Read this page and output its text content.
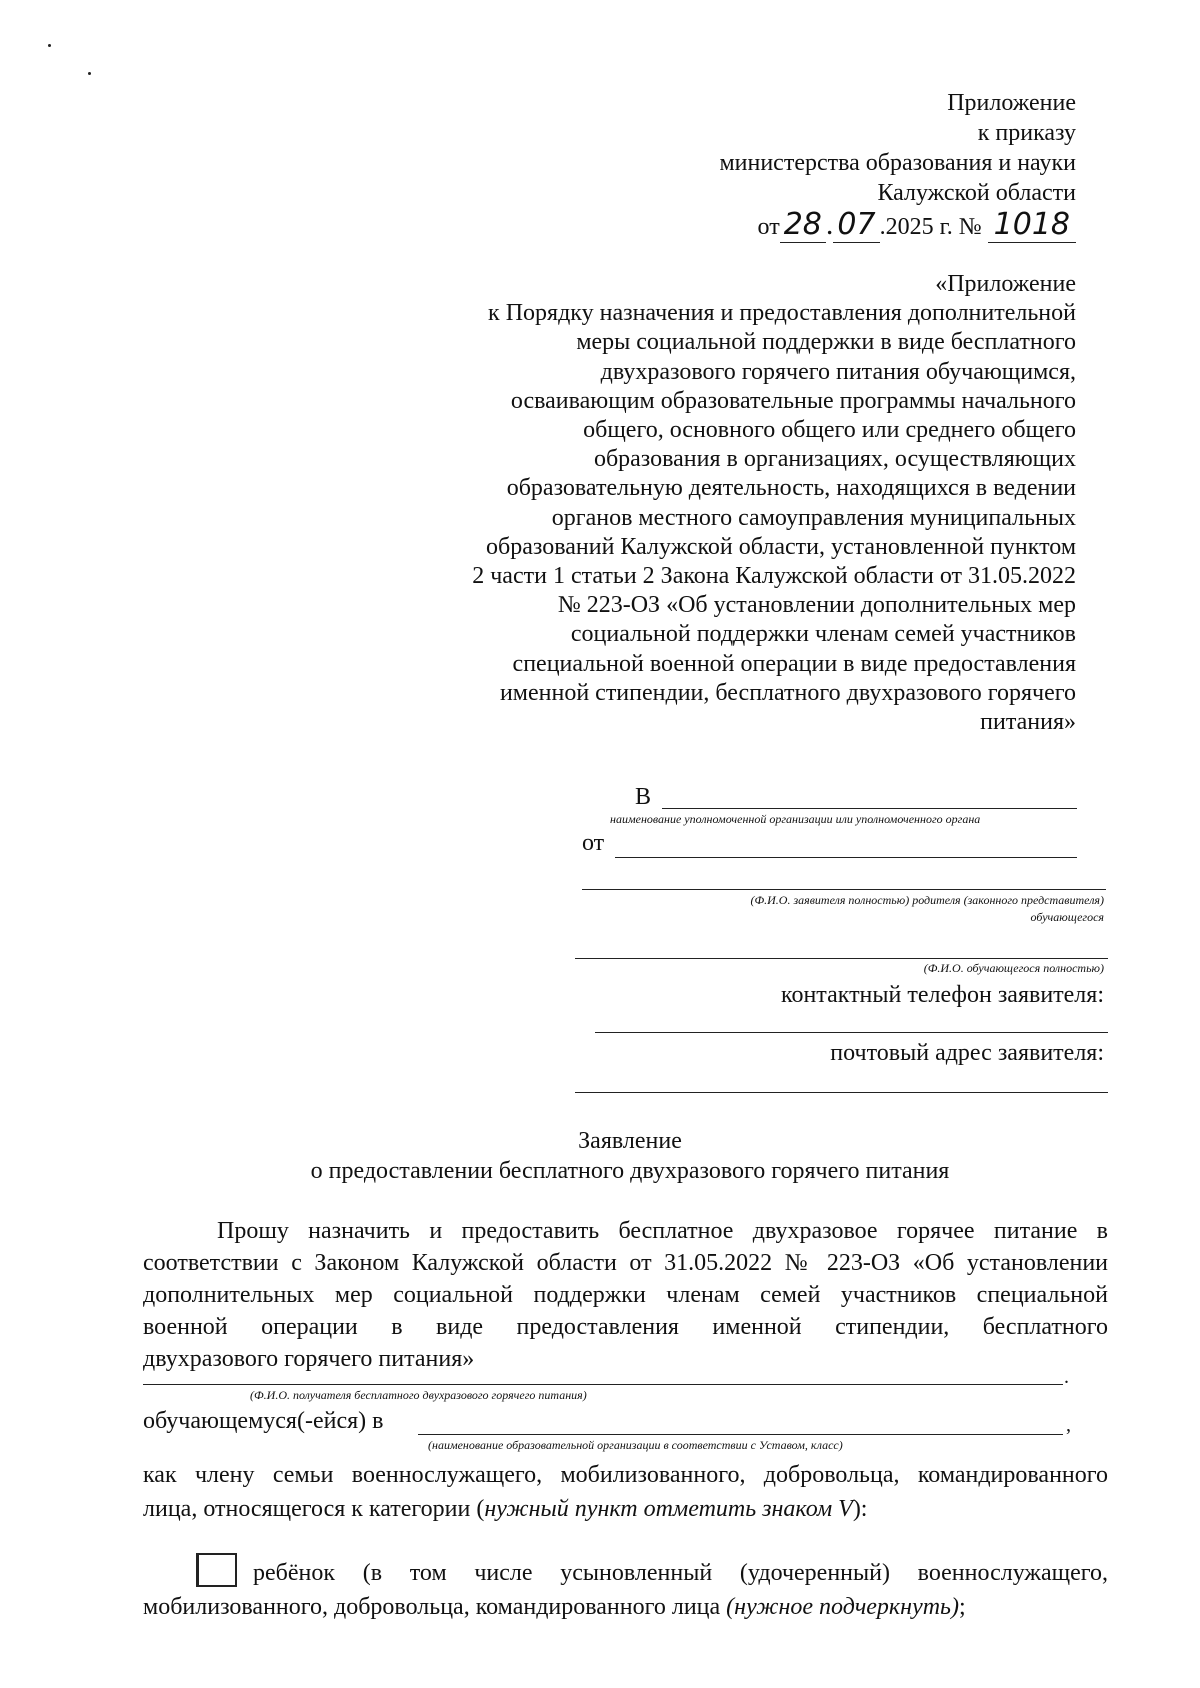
Приложение
к приказу
министерства образования и науки
Калужской области
от 28 . 07 .2025 г. № 1018
«Приложение
к Порядку назначения и предоставления дополнительной
меры социальной поддержки в виде бесплатного
двухразового горячего питания обучающимся,
осваивающим образовательные программы начального
общего, основного общего или среднего общего
образования в организациях, осуществляющих
образовательную деятельность, находящихся в ведении
органов местного самоуправления муниципальных
образований Калужской области, установленной пунктом
2 части 1 статьи 2 Закона Калужской области от 31.05.2022
№ 223-ОЗ «Об установлении дополнительных мер
социальной поддержки членам семей участников
специальной военной операции в виде предоставления
именной стипендии, бесплатного двухразового горячего
питания»
В
наименование уполномоченной организации или уполномоченного органа
от
(Ф.И.О. заявителя полностью) родителя (законного представителя)
обучающегося
(Ф.И.О. обучающегося полностью)
контактный телефон заявителя:
почтовый адрес заявителя:
Заявление
о предоставлении бесплатного двухразового горячего питания
Прошу назначить и предоставить бесплатное двухразовое горячее питание в
соответствии с Законом Калужской области от 31.05.2022 № 223-ОЗ «Об установлении
дополнительных мер социальной поддержки членам семей участников специальной
военной операции в виде предоставления именной стипендии, бесплатного
двухразового горячего питания»
.
(Ф.И.О. получателя бесплатного двухразового горячего питания)
обучающемуся(-ейся) в	,
(наименование образовательной организации в соответствии с Уставом, класс)
как члену семьи военнослужащего, мобилизованного, добровольца, командированного
лица, относящегося к категории (нужный пункт отметить знаком V):
ребёнок (в том числе усыновленный (удочеренный) военнослужащего,
мобилизованного, добровольца, командированного лица (нужное подчеркнуть);
